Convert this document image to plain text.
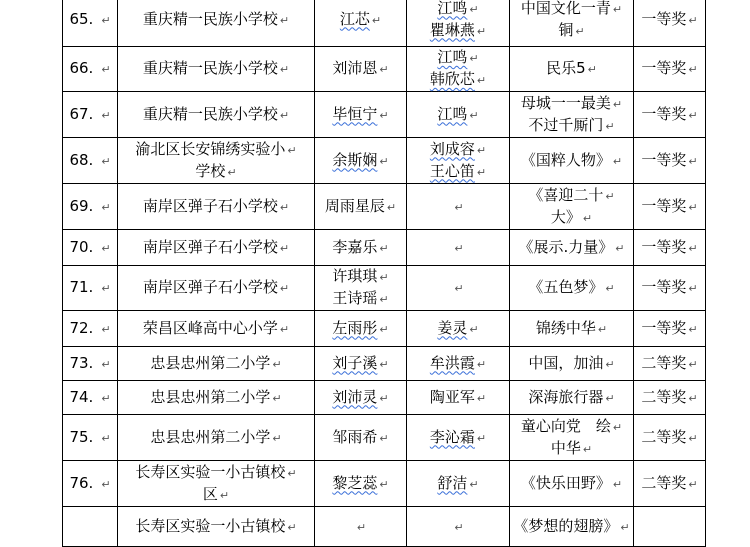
65. ↵	重庆精一民族小学校 ↵	江芯 ↵	江鸣 ↵
瞿琳燕 ↵	中国文化一青 ↵
铜 ↵	一等奖 ↵
66. ↵	重庆精一民族小学校 ↵	刘沛恩 ↵	江鸣 ↵
韩欣芯 ↵	民乐5 ↵	一等奖 ↵
67. ↵	重庆精一民族小学校 ↵	毕恒宁 ↵	江鸣 ↵	母城一一最美 ↵
不过千厮门 ↵	一等奖 ↵
68. ↵	渝北区长安锦绣实验小 ↵
学校 ↵	余斯娴 ↵	刘成容 ↵
王心笛 ↵	《国粹人物》 ↵	一等奖 ↵
69. ↵	南岸区弹子石小学校 ↵	周雨星辰 ↵	↵	《喜迎二十 ↵
大》 ↵	一等奖 ↵
70. ↵	南岸区弹子石小学校 ↵	李嘉乐 ↵	↵	《展示.力量》 ↵	一等奖 ↵
71. ↵	南岸区弹子石小学校 ↵	许琪琪 ↵
王诗瑶 ↵	↵	《五色梦》 ↵	一等奖 ↵
72. ↵	荣昌区峰高中心小学 ↵	左雨彤 ↵	姜灵 ↵	锦绣中华 ↵	一等奖 ↵
73. ↵	忠县忠州第二小学 ↵	刘子溪 ↵	牟洪霞 ↵	中国，加油 ↵	二等奖 ↵
74. ↵	忠县忠州第二小学 ↵	刘沛灵 ↵	陶亚军 ↵	深海旅行器 ↵	二等奖 ↵
75. ↵	忠县忠州第二小学 ↵	邹雨希 ↵	李沁霜 ↵	童心向党　绘 ↵
中华 ↵	二等奖 ↵
76. ↵	长寿区实验一小古镇校 ↵
区 ↵	黎芝蕊 ↵	舒洁 ↵	《快乐田野》 ↵	二等奖 ↵

	长寿区实验一小古镇校 ↵	↵	↵	《梦想的翅膀》 ↵	
